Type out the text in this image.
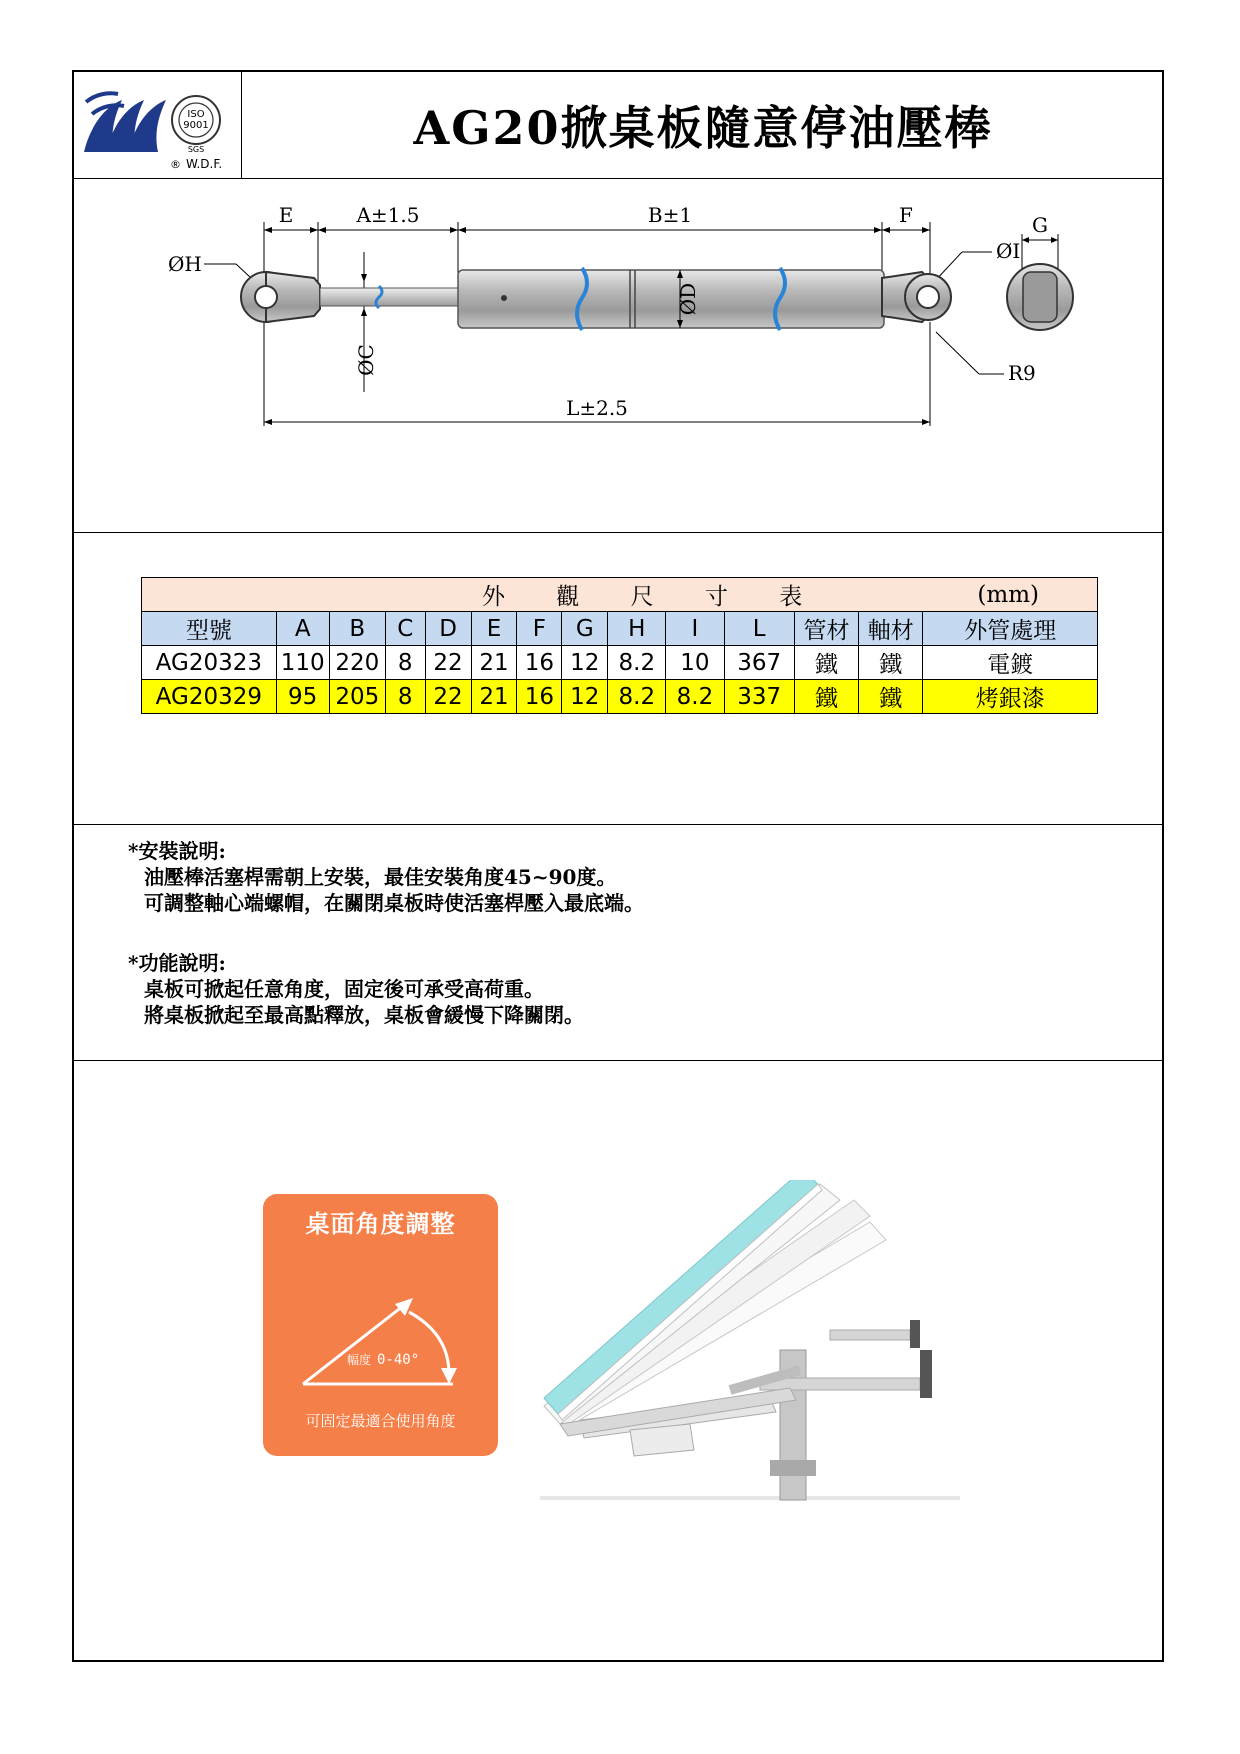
ISO
9001
SGS
® W.D.F.
AG20掀桌板隨意停油壓棒
E	A±1.5	B±1	F	G
ØH
ØI
R9
L±2.5
ØC
ØD
外 觀 尺 寸 表 (mm)													

型號	A	B	C	D	E	F	G	H	I	L	管材	軸材	外管處理
AG20323	110	220	8	22	21	16	12	8.2	10	367	鐵	鐵	電鍍
AG20329	95	205	8	22	21	16	12	8.2	8.2	337	鐵	鐵	烤銀漆

*安裝說明:

油壓棒活塞桿需朝上安裝，最佳安裝角度45~90度。

可調整軸心端螺帽，在關閉桌板時使活塞桿壓入最底端。

*功能說明:

桌板可掀起任意角度，固定後可承受高荷重。

將桌板掀起至最高點釋放，桌板會緩慢下降關閉。

桌面角度調整
幅度 0-40°
可固定最適合使用角度
